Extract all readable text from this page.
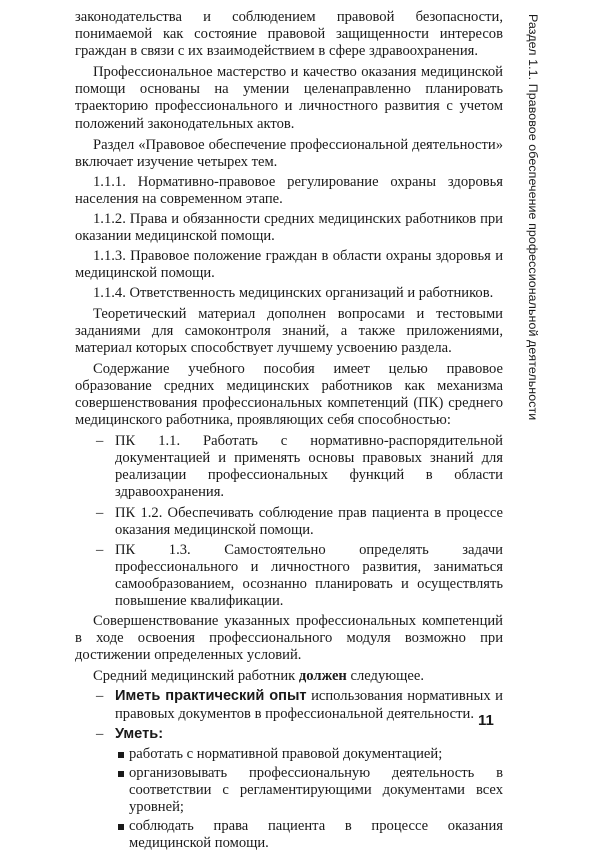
законодательства и соблюдением правовой безопасности, понимаемой как состояние правовой защищенности интересов граждан в связи с их взаимодействием в сфере здравоохранения.

Профессиональное мастерство и качество оказания медицинской помощи основаны на умении целенаправленно планировать траекторию профессионального и личностного развития с учетом положений законодательных актов.

Раздел «Правовое обеспечение профессиональной деятельности» включает изучение четырех тем.

1.1.1. Нормативно-правовое регулирование охраны здоровья населения на современном этапе.

1.1.2. Права и обязанности средних медицинских работников при оказании медицинской помощи.

1.1.3. Правовое положение граждан в области охраны здоровья и медицинской помощи.

1.1.4. Ответственность медицинских организаций и работников.

Теоретический материал дополнен вопросами и тестовыми заданиями для самоконтроля знаний, а также приложениями, материал которых способствует лучшему усвоению раздела.

Содержание учебного пособия имеет целью правовое образование средних медицинских работников как механизма совершенствования профессиональных компетенций (ПК) среднего медицинского работника, проявляющих себя способностью:

– ПК 1.1. Работать с нормативно-распорядительной документацией и применять основы правовых знаний для реализации профессиональных функций в области здравоохранения.
– ПК 1.2. Обеспечивать соблюдение прав пациента в процессе оказания медицинской помощи.
– ПК 1.3. Самостоятельно определять задачи профессионального и личностного развития, заниматься самообразованием, осознанно планировать и осуществлять повышение квалификации.

Совершенствование указанных профессиональных компетенций в ходе освоения профессионального модуля возможно при достижении определенных условий.

Средний медицинский работник должен следующее.

– Иметь практический опыт использования нормативных и правовых документов в профессиональной деятельности.
– Уметь:
работать с нормативной правовой документацией;
организовывать профессиональную деятельность в соответствии с регламентирующими документами всех уровней;
соблюдать права пациента в процессе оказания медицинской помощи.
Раздел 1.1. Правовое обеспечение профессиональной деятельности
11
